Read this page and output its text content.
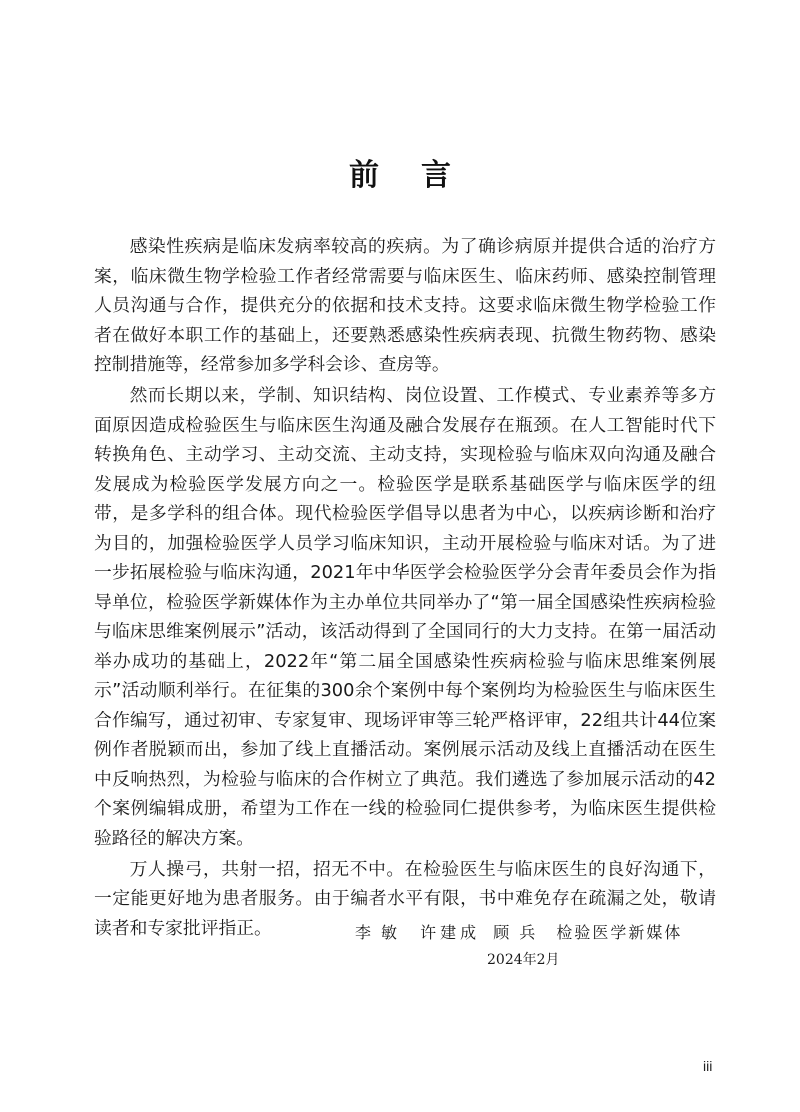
前言

感染性疾病是临床发病率较高的疾病。为了确诊病原并提供合适的治疗方案，临床微生物学检验工作者经常需要与临床医生、临床药师、感染控制管理人员沟通与合作，提供充分的依据和技术支持。这要求临床微生物学检验工作者在做好本职工作的基础上，还要熟悉感染性疾病表现、抗微生物药物、感染控制措施等，经常参加多学科会诊、查房等。

然而长期以来，学制、知识结构、岗位设置、工作模式、专业素养等多方面原因造成检验医生与临床医生沟通及融合发展存在瓶颈。在人工智能时代下转换角色、主动学习、主动交流、主动支持，实现检验与临床双向沟通及融合发展成为检验医学发展方向之一。检验医学是联系基础医学与临床医学的纽带，是多学科的组合体。现代检验医学倡导以患者为中心，以疾病诊断和治疗为目的，加强检验医学人员学习临床知识，主动开展检验与临床对话。为了进一步拓展检验与临床沟通，2021年中华医学会检验医学分会青年委员会作为指导单位，检验医学新媒体作为主办单位共同举办了“第一届全国感染性疾病检验与临床思维案例展示”活动，该活动得到了全国同行的大力支持。在第一届活动举办成功的基础上，2022年“第二届全国感染性疾病检验与临床思维案例展示”活动顺利举行。在征集的300余个案例中每个案例均为检验医生与临床医生合作编写，通过初审、专家复审、现场评审等三轮严格评审，22组共计44位案例作者脱颖而出，参加了线上直播活动。案例展示活动及线上直播活动在医生中反响热烈，为检验与临床的合作树立了典范。我们遴选了参加展示活动的42个案例编辑成册，希望为工作在一线的检验同仁提供参考，为临床医生提供检验路径的解决方案。

万人操弓，共射一招，招无不中。在检验医生与临床医生的良好沟通下，一定能更好地为患者服务。由于编者水平有限，书中难免存在疏漏之处，敬请读者和专家批评指正。	李敏 许建成 顾兵 检验医学新媒体
2024年2月
iii
